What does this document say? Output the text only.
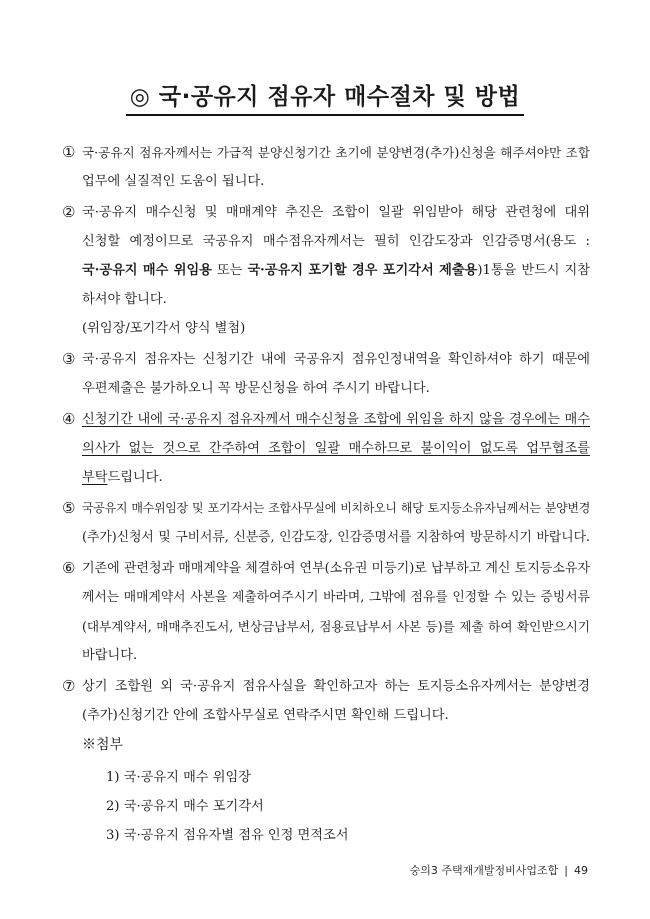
◎ 국·공유지 점유자 매수절차 및 방법
① 국·공유지 점유자께서는 가급적 분양신청기간 초기에 분양변경(추가)신청을 해주셔야만 조합
업무에 실질적인 도움이 됩니다.
② 국·공유지 매수신청 및 매매계약 추진은 조합이 일괄 위임받아 해당 관련청에 대위
신청할 예정이므로 국공유지 매수점유자께서는 필히 인감도장과 인감증명서(용도 :
국·공유지 매수 위임용 또는 국·공유지 포기할 경우 포기각서 제출용)1통을 반드시 지참
하셔야 합니다.
(위임장/포기각서 양식 별첨)
③ 국·공유지 점유자는 신청기간 내에 국공유지 점유인정내역을 확인하셔야 하기 때문에
우편제출은 불가하오니 꼭 방문신청을 하여 주시기 바랍니다.
④ 신청기간 내에 국·공유지 점유자께서 매수신청을 조합에 위임을 하지 않을 경우에는 매수
의사가 없는 것으로 간주하여 조합이 일괄 매수하므로 불이익이 없도록 업무협조를
부탁드립니다.
⑤ 국공유지 매수위임장 및 포기각서는 조합사무실에 비치하오니 해당 토지등소유자님께서는 분양변경
(추가)신청서 및 구비서류, 신분증, 인감도장, 인감증명서를 지참하여 방문하시기 바랍니다.
⑥ 기존에 관련청과 매매계약을 체결하여 연부(소유권 미등기)로 납부하고 계신 토지등소유자
께서는 매매계약서 사본을 제출하여주시기 바라며, 그밖에 점유를 인정할 수 있는 증빙서류
(대부계약서, 매매추진도서, 변상금납부서, 점용료납부서 사본 등)를 제출 하여 확인받으시기
바랍니다.
⑦ 상기 조합원 외 국·공유지 점유사실을 확인하고자 하는 토지등소유자께서는 분양변경
(추가)신청기간 안에 조합사무실로 연락주시면 확인해 드립니다.
※첨부
1) 국·공유지 매수 위임장
2) 국·공유지 매수 포기각서
3) 국·공유지 점유자별 점유 인정 면적조서
숭의3 주택재개발정비사업조합 | 49
